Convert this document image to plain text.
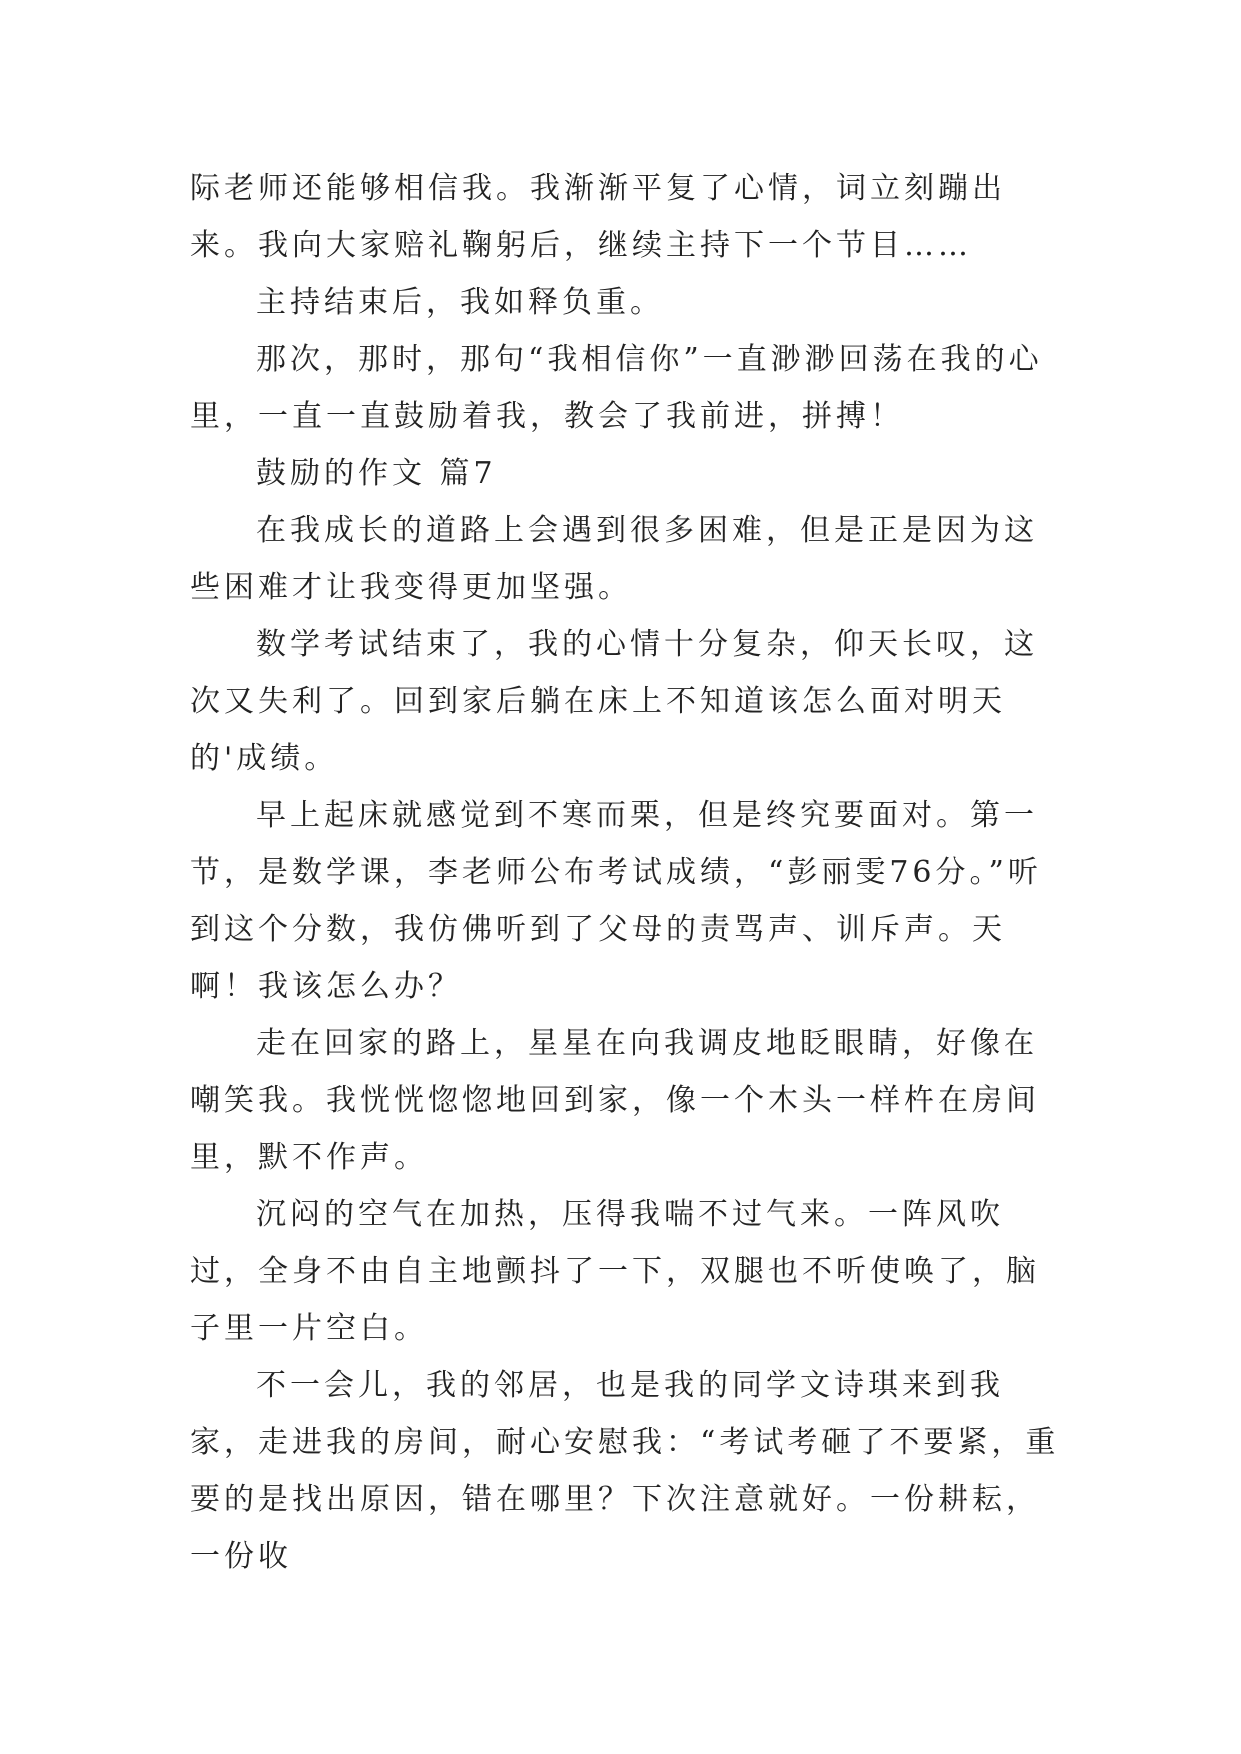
际老师还能够相信我。我渐渐平复了心情，词立刻蹦出来。我向大家赔礼鞠躬后，继续主持下一个节目……

主持结束后，我如释负重。

那次，那时，那句“我相信你”一直渺渺回荡在我的心里，一直一直鼓励着我，教会了我前进，拼搏！

鼓励的作文 篇7

在我成长的道路上会遇到很多困难，但是正是因为这些困难才让我变得更加坚强。

数学考试结束了，我的心情十分复杂，仰天长叹，这次又失利了。回到家后躺在床上不知道该怎么面对明天的'成绩。

早上起床就感觉到不寒而栗，但是终究要面对。第一节，是数学课，李老师公布考试成绩，“彭丽雯76分。”听到这个分数，我仿佛听到了父母的责骂声、训斥声。天啊！我该怎么办？

走在回家的路上，星星在向我调皮地眨眼睛，好像在嘲笑我。我恍恍惚惚地回到家，像一个木头一样杵在房间里，默不作声。

沉闷的空气在加热，压得我喘不过气来。一阵风吹过，全身不由自主地颤抖了一下，双腿也不听使唤了，脑子里一片空白。

不一会儿，我的邻居，也是我的同学文诗琪来到我家，走进我的房间，耐心安慰我：“考试考砸了不要紧，重要的是找出原因，错在哪里？下次注意就好。一份耕耘，一份收
